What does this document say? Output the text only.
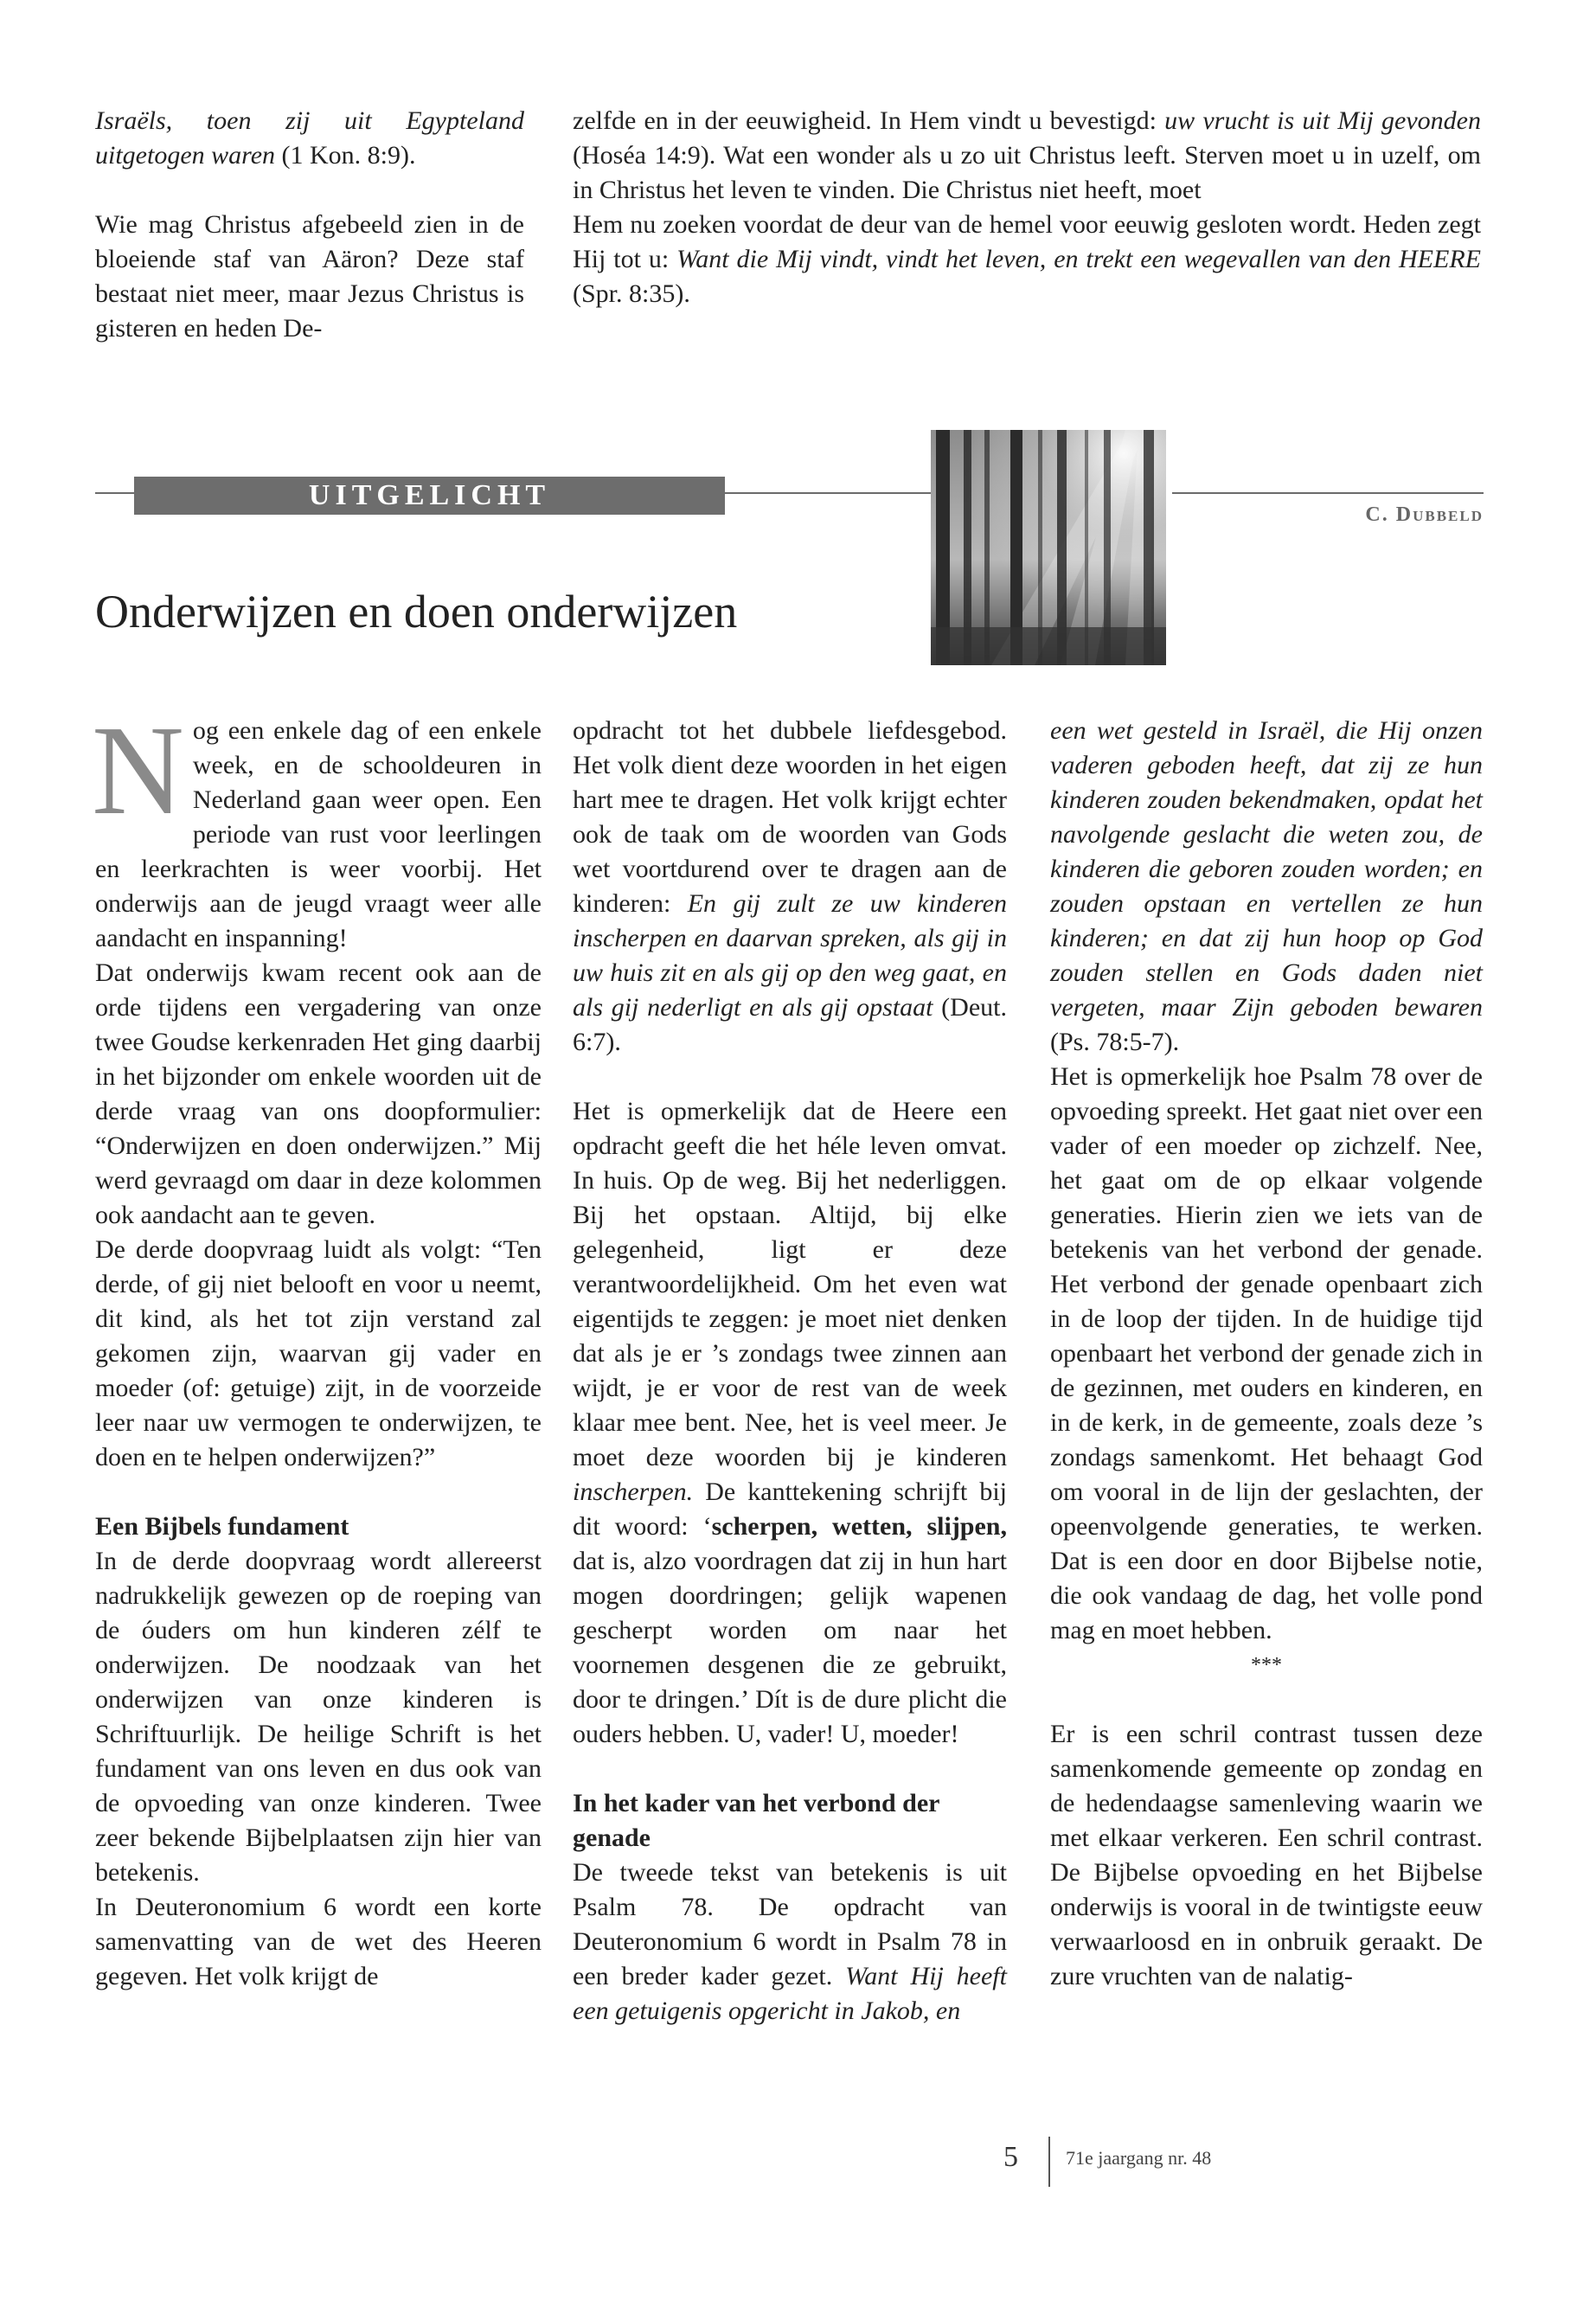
Israëls, toen zij uit Egypteland uitgetogen waren (1 Kon. 8:9).

Wie mag Christus afgebeeld zien in de bloeiende staf van Aäron? Deze staf bestaat niet meer, maar Jezus Christus is gisteren en heden De-

zelfde en in der eeuwigheid. In Hem vindt u bevestigd: uw vrucht is uit Mij gevonden (Hoséa 14:9). Wat een wonder als u zo uit Christus leeft. Sterven moet u in uzelf, om in Christus het leven te vinden. Die Christus niet heeft, moet

Hem nu zoeken voordat de deur van de hemel voor eeuwig gesloten wordt. Heden zegt Hij tot u: Want die Mij vindt, vindt het leven, en trekt een wegevallen van den HEERE (Spr. 8:35).

UITGELICHT
C. Dubbeld
Onderwijzen en doen onderwijzen
N og een enkele dag of een enkele week, en de schooldeuren in Nederland gaan weer open. Een periode van rust voor leerlingen en leerkrachten is weer voorbij. Het onderwijs aan de jeugd vraagt weer alle aandacht en inspanning!

Dat onderwijs kwam recent ook aan de orde tijdens een vergadering van onze twee Goudse kerkenraden Het ging daarbij in het bijzonder om enkele woorden uit de derde vraag van ons doopformulier: “Onderwijzen en doen onderwijzen.” Mij werd gevraagd om daar in deze kolommen ook aandacht aan te geven.

De derde doopvraag luidt als volgt: “Ten derde, of gij niet belooft en voor u neemt, dit kind, als het tot zijn verstand zal gekomen zijn, waarvan gij vader en moeder (of: getuige) zijt, in de voorzeide leer naar uw vermogen te onderwijzen, te doen en te helpen onderwijzen?”

Een Bijbels fundament

In de derde doopvraag wordt allereerst nadrukkelijk gewezen op de roeping van de óuders om hun kinderen zélf te onderwijzen. De noodzaak van het onderwijzen van onze kinderen is Schriftuurlijk. De heilige Schrift is het fundament van ons leven en dus ook van de opvoeding van onze kinderen. Twee zeer bekende Bijbelplaatsen zijn hier van betekenis.

In Deuteronomium 6 wordt een korte samenvatting van de wet des Heeren gegeven. Het volk krijgt de

opdracht tot het dubbele liefdesgebod. Het volk dient deze woorden in het eigen hart mee te dragen. Het volk krijgt echter ook de taak om de woorden van Gods wet voortdurend over te dragen aan de kinderen: En gij zult ze uw kinderen inscherpen en daarvan spreken, als gij in uw huis zit en als gij op den weg gaat, en als gij nederligt en als gij opstaat (Deut. 6:7).

Het is opmerkelijk dat de Heere een opdracht geeft die het héle leven omvat. In huis. Op de weg. Bij het nederliggen. Bij het opstaan. Altijd, bij elke gelegenheid, ligt er deze verantwoordelijkheid. Om het even wat eigentijds te zeggen: je moet niet denken dat als je er ’s zondags twee zinnen aan wijdt, je er voor de rest van de week klaar mee bent. Nee, het is veel meer. Je moet deze woorden bij je kinderen inscherpen. De kanttekening schrijft bij dit woord: ‘scherpen, wetten, slijpen, dat is, alzo voordragen dat zij in hun hart mogen doordringen; gelijk wapenen gescherpt worden om naar het voornemen desgenen die ze gebruikt, door te dringen.’ Dít is de dure plicht die ouders hebben. U, vader! U, moeder!

In het kader van het verbond der genade

De tweede tekst van betekenis is uit Psalm 78. De opdracht van Deuteronomium 6 wordt in Psalm 78 in een breder kader gezet. Want Hij heeft een getuigenis opgericht in Jakob, en

een wet gesteld in Israël, die Hij onzen vaderen geboden heeft, dat zij ze hun kinderen zouden bekendmaken, opdat het navolgende geslacht die weten zou, de kinderen die geboren zouden worden; en zouden opstaan en vertellen ze hun kinderen; en dat zij hun hoop op God zouden stellen en Gods daden niet vergeten, maar Zijn geboden bewaren (Ps. 78:5-7).

Het is opmerkelijk hoe Psalm 78 over de opvoeding spreekt. Het gaat niet over een vader of een moeder op zichzelf. Nee, het gaat om de op elkaar volgende generaties. Hierin zien we iets van de betekenis van het verbond der genade. Het verbond der genade openbaart zich in de loop der tijden. In de huidige tijd openbaart het verbond der genade zich in de gezinnen, met ouders en kinderen, en in de kerk, in de gemeente, zoals deze ’s zondags samenkomt. Het behaagt God om vooral in de lijn der geslachten, der opeenvolgende generaties, te werken. Dat is een door en door Bijbelse notie, die ook vandaag de dag, het volle pond mag en moet hebben.

***

Er is een schril contrast tussen deze samenkomende gemeente op zondag en de hedendaagse samenleving waarin we met elkaar verkeren. Een schril contrast. De Bijbelse opvoeding en het Bijbelse onderwijs is vooral in de twintigste eeuw verwaarloosd en in onbruik geraakt. De zure vruchten van de nalatig-

5	71e jaargang nr. 48
